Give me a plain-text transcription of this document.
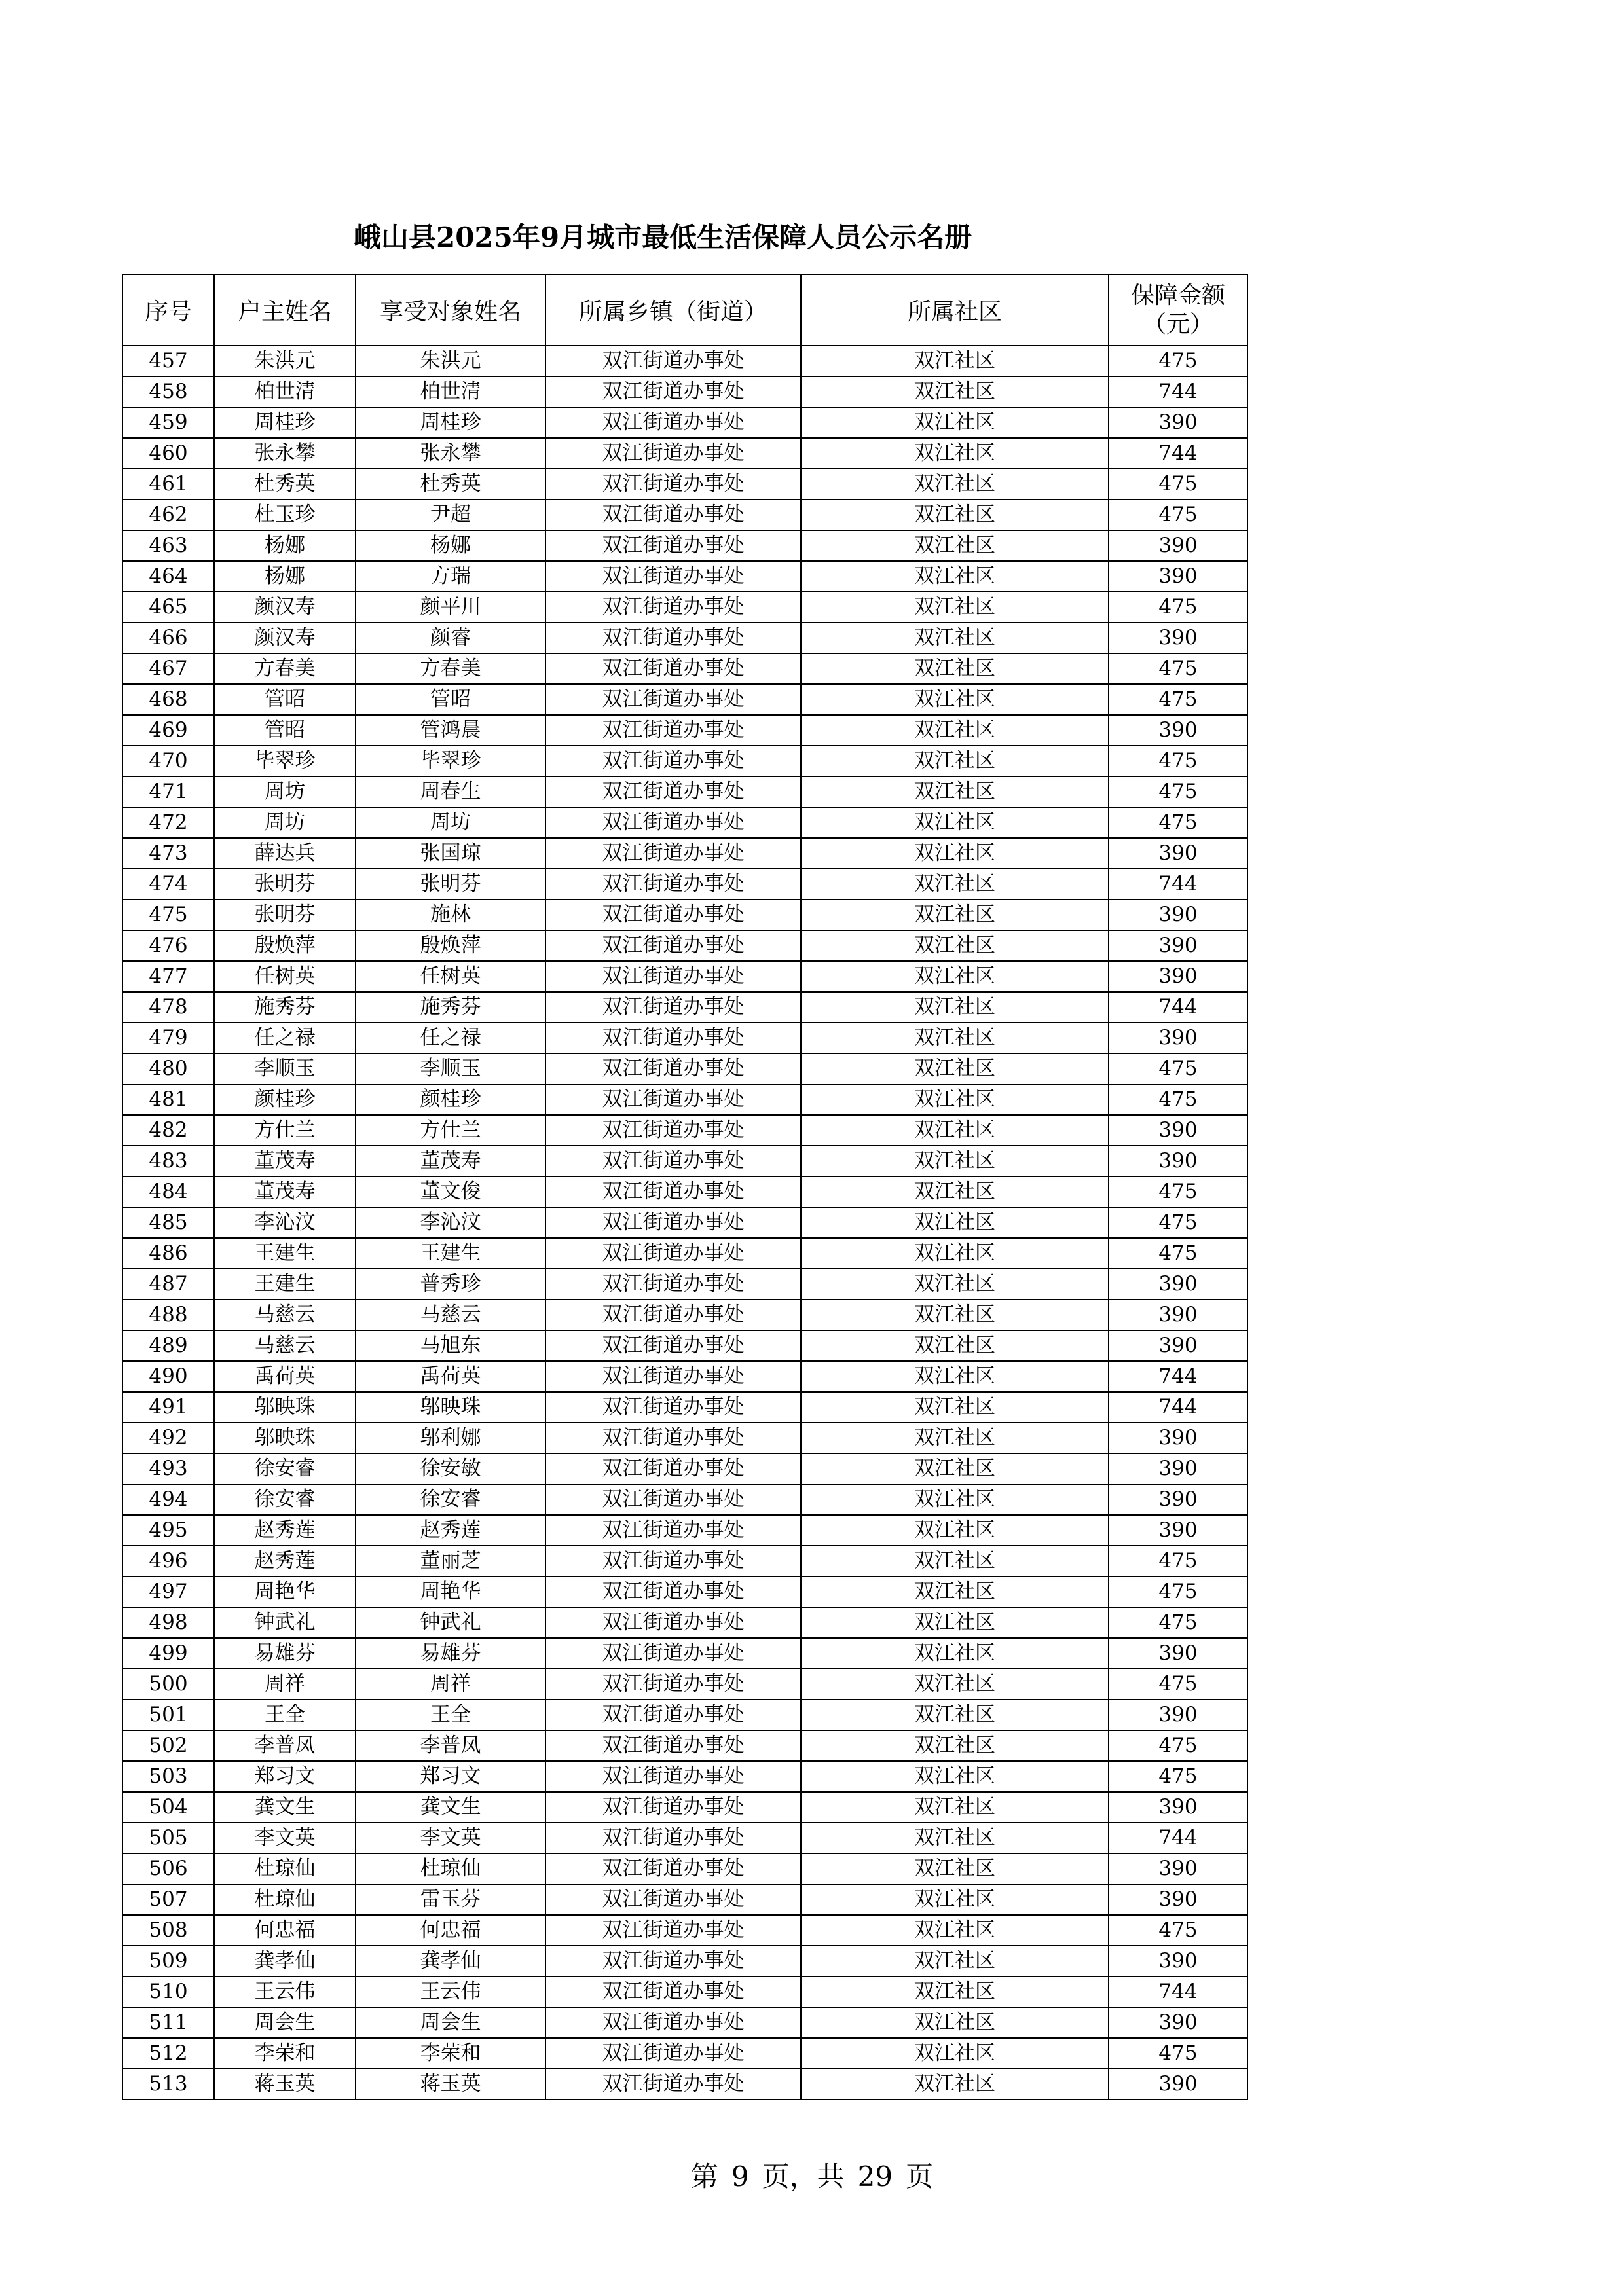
峨山县2025年9月城市最低生活保障人员公示名册
序号	户主姓名	享受对象姓名	所属乡镇（街道）	所属社区	保障金额
（元）

457	朱洪元	朱洪元	双江街道办事处	双江社区	475
458	柏世清	柏世清	双江街道办事处	双江社区	744
459	周桂珍	周桂珍	双江街道办事处	双江社区	390
460	张永攀	张永攀	双江街道办事处	双江社区	744
461	杜秀英	杜秀英	双江街道办事处	双江社区	475
462	杜玉珍	尹超	双江街道办事处	双江社区	475
463	杨娜	杨娜	双江街道办事处	双江社区	390
464	杨娜	方瑞	双江街道办事处	双江社区	390
465	颜汉寿	颜平川	双江街道办事处	双江社区	475
466	颜汉寿	颜睿	双江街道办事处	双江社区	390
467	方春美	方春美	双江街道办事处	双江社区	475
468	管昭	管昭	双江街道办事处	双江社区	475
469	管昭	管鸿晨	双江街道办事处	双江社区	390
470	毕翠珍	毕翠珍	双江街道办事处	双江社区	475
471	周坊	周春生	双江街道办事处	双江社区	475
472	周坊	周坊	双江街道办事处	双江社区	475
473	薛达兵	张国琼	双江街道办事处	双江社区	390
474	张明芬	张明芬	双江街道办事处	双江社区	744
475	张明芬	施林	双江街道办事处	双江社区	390
476	殷焕萍	殷焕萍	双江街道办事处	双江社区	390
477	任树英	任树英	双江街道办事处	双江社区	390
478	施秀芬	施秀芬	双江街道办事处	双江社区	744
479	任之禄	任之禄	双江街道办事处	双江社区	390
480	李顺玉	李顺玉	双江街道办事处	双江社区	475
481	颜桂珍	颜桂珍	双江街道办事处	双江社区	475
482	方仕兰	方仕兰	双江街道办事处	双江社区	390
483	董茂寿	董茂寿	双江街道办事处	双江社区	390
484	董茂寿	董文俊	双江街道办事处	双江社区	475
485	李沁汶	李沁汶	双江街道办事处	双江社区	475
486	王建生	王建生	双江街道办事处	双江社区	475
487	王建生	普秀珍	双江街道办事处	双江社区	390
488	马慈云	马慈云	双江街道办事处	双江社区	390
489	马慈云	马旭东	双江街道办事处	双江社区	390
490	禹荷英	禹荷英	双江街道办事处	双江社区	744
491	邬映珠	邬映珠	双江街道办事处	双江社区	744
492	邬映珠	邬利娜	双江街道办事处	双江社区	390
493	徐安睿	徐安敏	双江街道办事处	双江社区	390
494	徐安睿	徐安睿	双江街道办事处	双江社区	390
495	赵秀莲	赵秀莲	双江街道办事处	双江社区	390
496	赵秀莲	董丽芝	双江街道办事处	双江社区	475
497	周艳华	周艳华	双江街道办事处	双江社区	475
498	钟武礼	钟武礼	双江街道办事处	双江社区	475
499	易雄芬	易雄芬	双江街道办事处	双江社区	390
500	周祥	周祥	双江街道办事处	双江社区	475
501	王全	王全	双江街道办事处	双江社区	390
502	李普凤	李普凤	双江街道办事处	双江社区	475
503	郑习文	郑习文	双江街道办事处	双江社区	475
504	龚文生	龚文生	双江街道办事处	双江社区	390
505	李文英	李文英	双江街道办事处	双江社区	744
506	杜琼仙	杜琼仙	双江街道办事处	双江社区	390
507	杜琼仙	雷玉芬	双江街道办事处	双江社区	390
508	何忠福	何忠福	双江街道办事处	双江社区	475
509	龚孝仙	龚孝仙	双江街道办事处	双江社区	390
510	王云伟	王云伟	双江街道办事处	双江社区	744
511	周会生	周会生	双江街道办事处	双江社区	390
512	李荣和	李荣和	双江街道办事处	双江社区	475
513	蒋玉英	蒋玉英	双江街道办事处	双江社区	390
第 9 页，共 29 页
